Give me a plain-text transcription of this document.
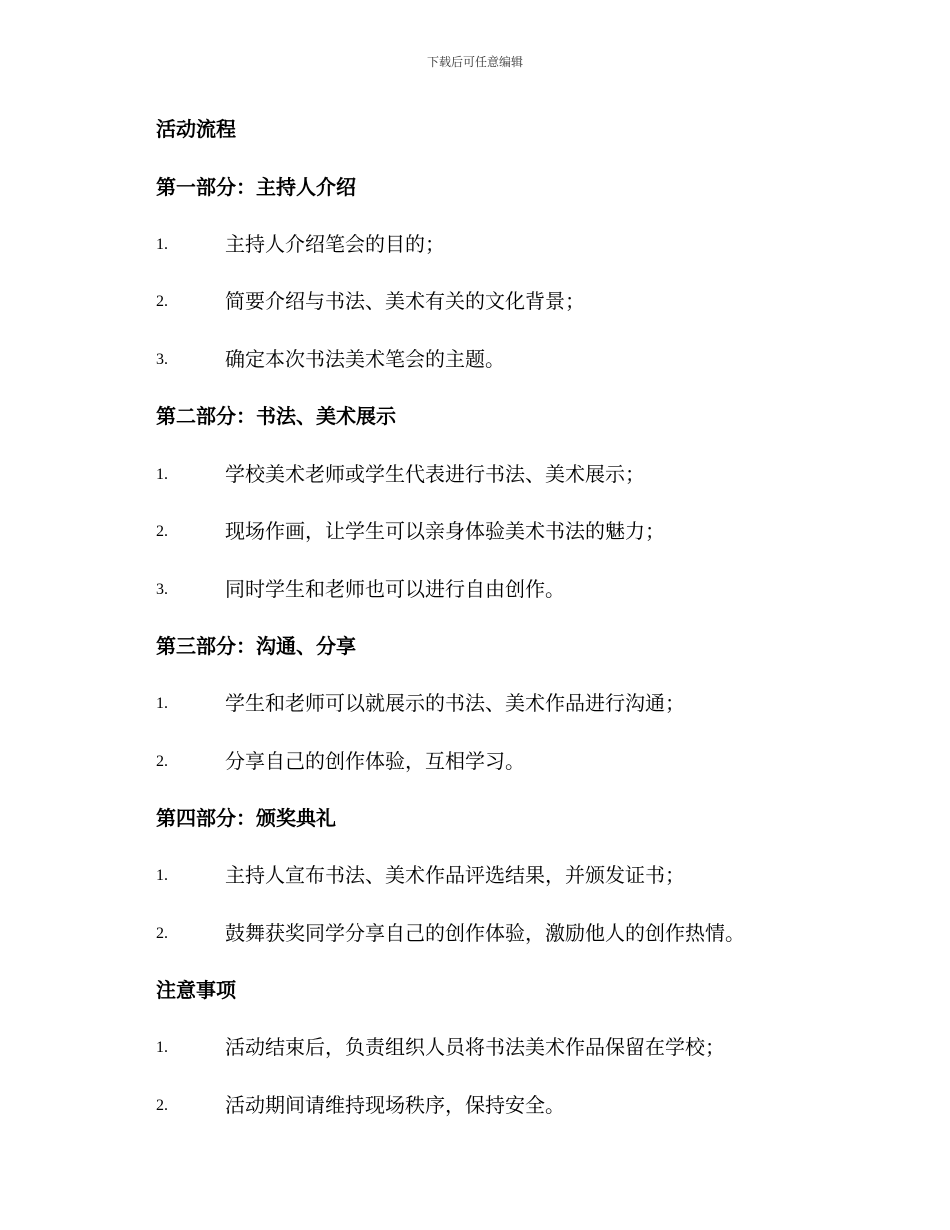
下载后可任意编辑
活动流程
第一部分：主持人介绍
1.	主持人介绍笔会的目的；
2.	简要介绍与书法、美术有关的文化背景；
3.	确定本次书法美术笔会的主题。
第二部分：书法、美术展示
1.	学校美术老师或学生代表进行书法、美术展示；
2.	现场作画，让学生可以亲身体验美术书法的魅力；
3.	同时学生和老师也可以进行自由创作。
第三部分：沟通、分享
1.	学生和老师可以就展示的书法、美术作品进行沟通；
2.	分享自己的创作体验，互相学习。
第四部分：颁奖典礼
1.	主持人宣布书法、美术作品评选结果，并颁发证书；
2.	鼓舞获奖同学分享自己的创作体验，激励他人的创作热情。
注意事项
1.	活动结束后，负责组织人员将书法美术作品保留在学校；
2.	活动期间请维持现场秩序，保持安全。
